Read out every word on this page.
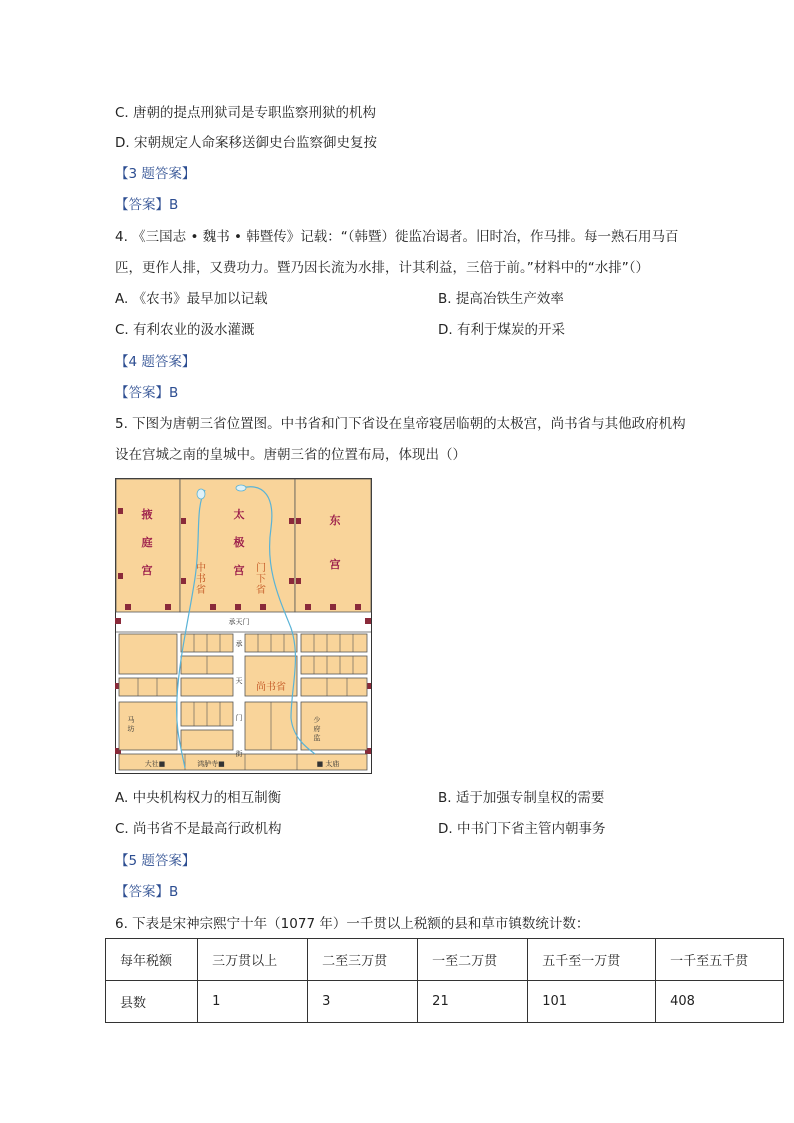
C. 唐朝的提点刑狱司是专职监察刑狱的机构
D. 宋朝规定人命案移送御史台监察御史复按
【3 题答案】
【答案】B
4. 《三国志 • 魏书 • 韩暨传》记载：“（韩暨）徙监冶谒者。旧时冶，作马排。每一熟石用马百
匹，更作人排，又费功力。暨乃因长流为水排，计其利益，三倍于前。”材料中的“水排”（）
A. 《农书》最早加以记载	B. 提高冶铁生产效率
C. 有利农业的汲水灌溉	D. 有利于煤炭的开采
【4 题答案】
【答案】B
5. 下图为唐朝三省位置图。中书省和门下省设在皇帝寝居临朝的太极宫，尚书省与其他政府机构
设在宫城之南的皇城中。唐朝三省的位置布局，体现出（）
掖
庭
宫
太
极
宫
东
宫
中
书
省
门
下
省
承天门
承
天
门
街
尚书省
马
坊
少
府
监
大社■	鸿胪寺■	■ 太庙
A. 中央机构权力的相互制衡	B. 适于加强专制皇权的需要
C. 尚书省不是最高行政机构	D. 中书门下省主管内朝事务
【5 题答案】
【答案】B
6. 下表是宋神宗熙宁十年（1077 年）一千贯以上税额的县和草市镇数统计数：
每年税额	三万贯以上	二至三万贯	一至二万贯	五千至一万贯	一千至五千贯
县数	1	3	21	101	408
